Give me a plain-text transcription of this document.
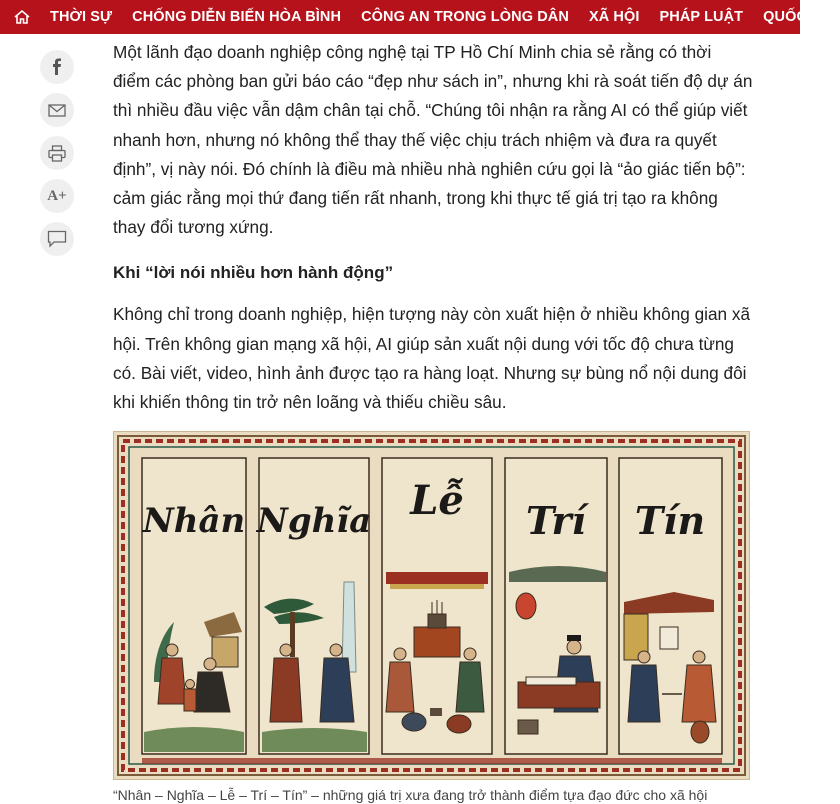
THỜI SỰ	CHỐNG DIỄN BIẾN HÒA BÌNH	CÔNG AN TRONG LÒNG DÂN	XÃ HỘI	PHÁP LUẬT	QUỐC TẾ
A+

Một lãnh đạo doanh nghiệp công nghệ tại TP Hồ Chí Minh chia sẻ rằng có thời điểm các phòng ban gửi báo cáo “đẹp như sách in”, nhưng khi rà soát tiến độ dự án thì nhiều đầu việc vẫn dậm chân tại chỗ. “Chúng tôi nhận ra rằng AI có thể giúp viết nhanh hơn, nhưng nó không thể thay thế việc chịu trách nhiệm và đưa ra quyết định”, vị này nói. Đó chính là điều mà nhiều nhà nghiên cứu gọi là “ảo giác tiến bộ”: cảm giác rằng mọi thứ đang tiến rất nhanh, trong khi thực tế giá trị tạo ra không thay đổi tương xứng.

Khi “lời nói nhiều hơn hành động”

Không chỉ trong doanh nghiệp, hiện tượng này còn xuất hiện ở nhiều không gian xã hội. Trên không gian mạng xã hội, AI giúp sản xuất nội dung với tốc độ chưa từng có. Bài viết, video, hình ảnh được tạo ra hàng loạt. Nhưng sự bùng nổ nội dung đôi khi khiến thông tin trở nên loãng và thiếu chiều sâu.

Nhân Nghĩa Lễ Trí Tín
“Nhân – Nghĩa – Lễ – Trí – Tín” – những giá trị xưa đang trở thành điểm tựa đạo đức cho xã hội
